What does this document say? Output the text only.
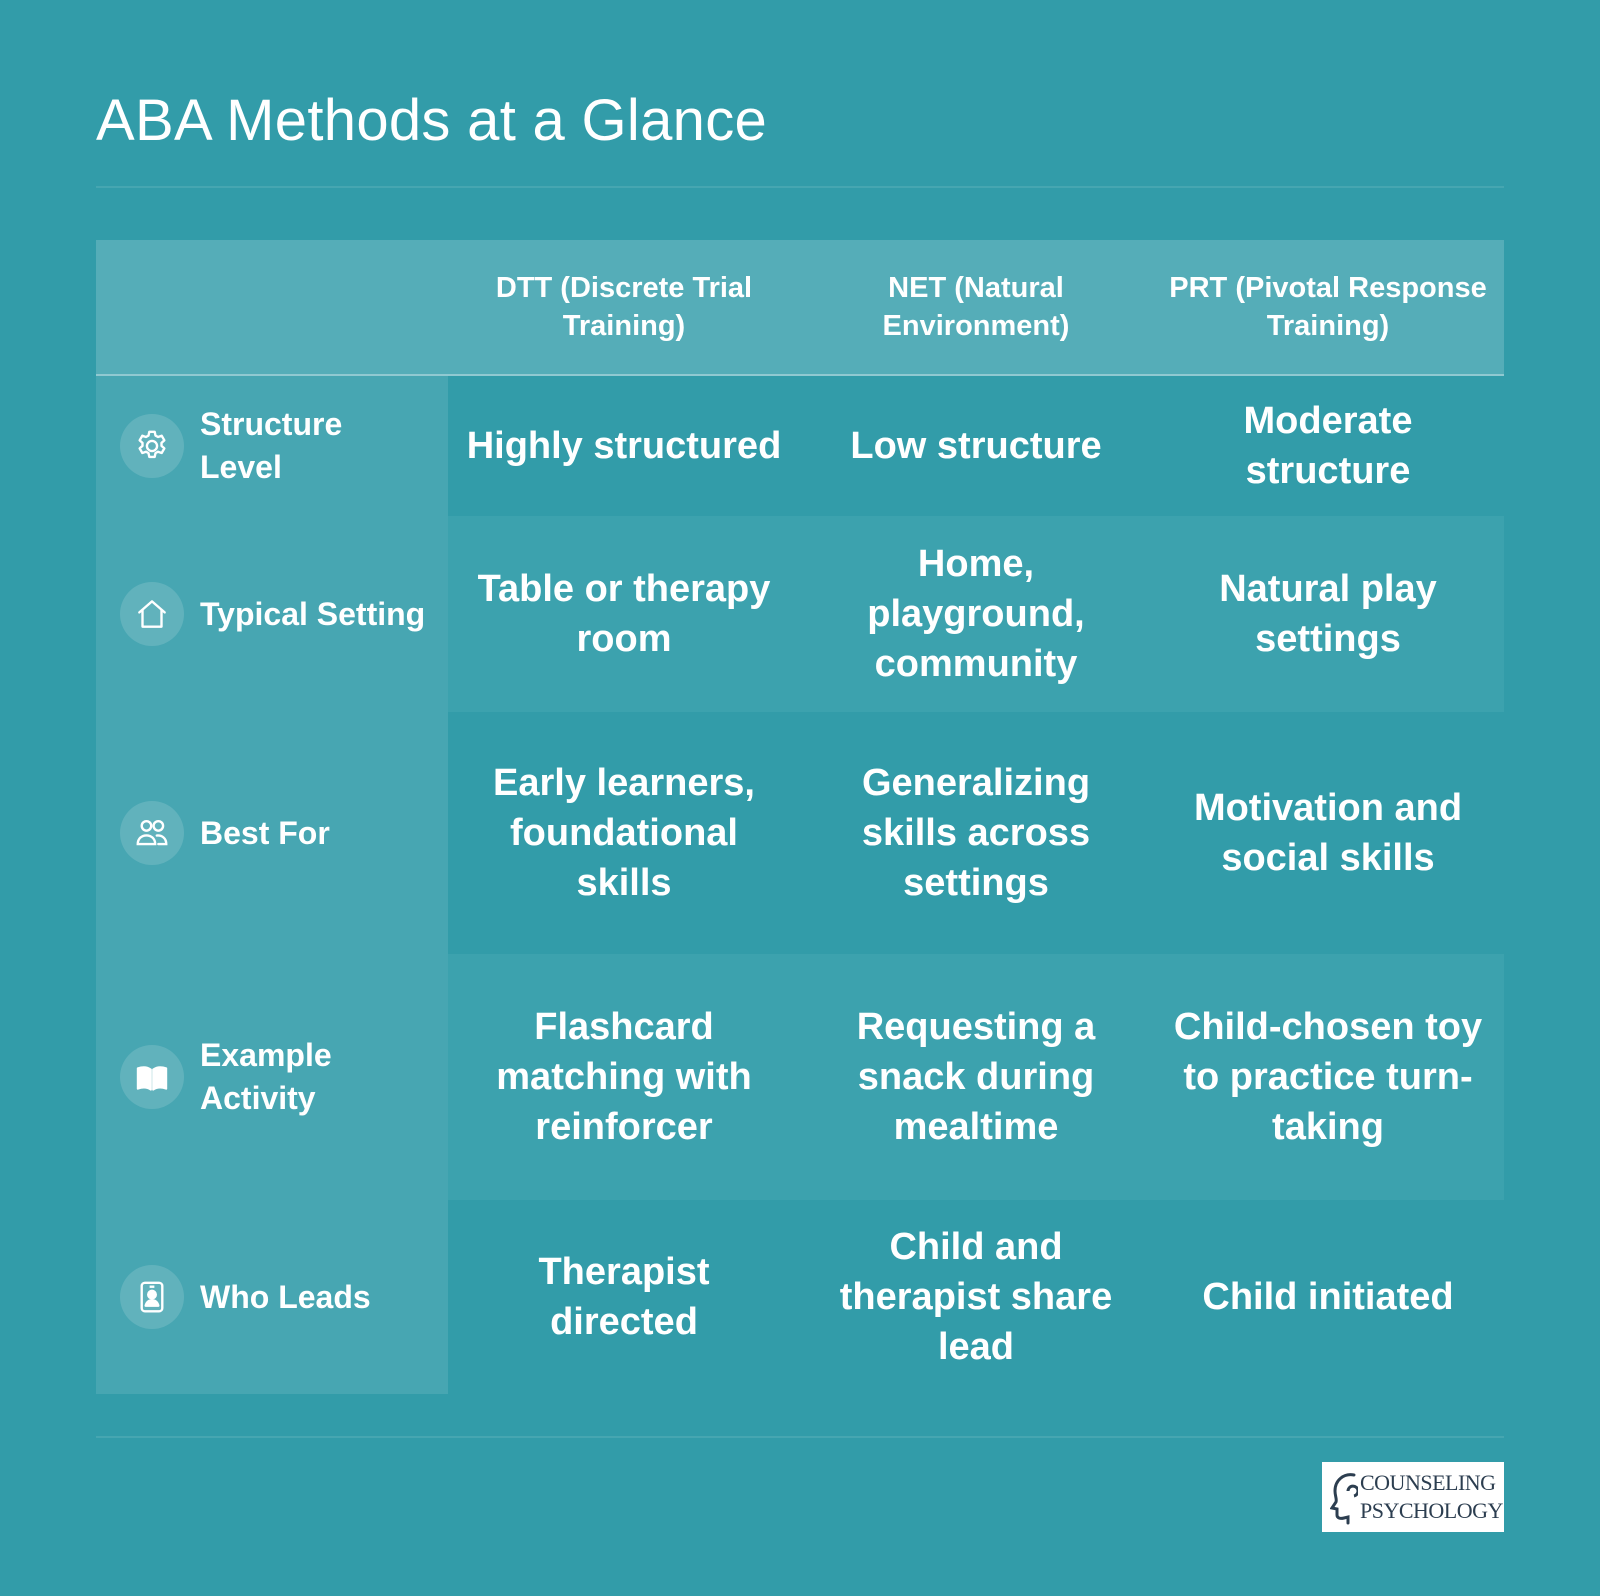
ABA Methods at a Glance
DTT (Discrete Trial Training)
NET (Natural Environment)
PRT (Pivotal Response Training)
Structure Level	Highly structured	Low structure
Moderate structure
Typical Setting
Table or therapy room
Home, playground, community
Natural play settings
Best For
Early learners, foundational skills
Generalizing skills across settings
Motivation and social skills
Example Activity
Flashcard matching with reinforcer
Requesting a snack during mealtime
Child-chosen toy to practice turn-taking
Who Leads
Therapist directed
Child and therapist share lead
Child initiated
COUNSELING
PSYCHOLOGY
